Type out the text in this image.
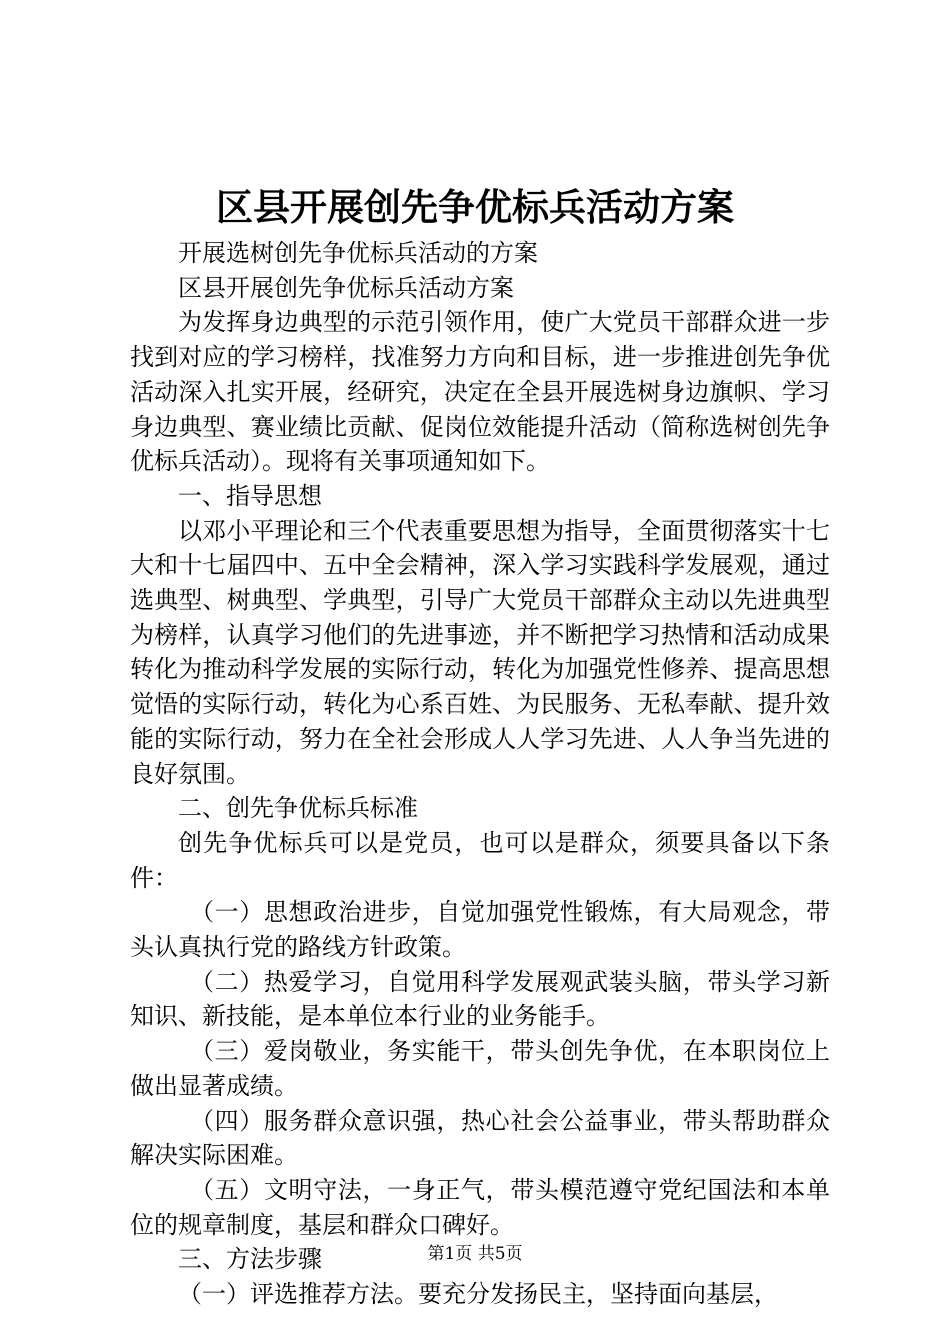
区县开展创先争优标兵活动方案

开展选树创先争优标兵活动的方案

区县开展创先争优标兵活动方案

为发挥身边典型的示范引领作用，使广大党员干部群众进一步找到对应的学习榜样，找准努力方向和目标，进一步推进创先争优活动深入扎实开展，经研究，决定在全县开展选树身边旗帜、学习身边典型、赛业绩比贡献、促岗位效能提升活动（简称选树创先争优标兵活动）。现将有关事项通知如下。

一、指导思想

以邓小平理论和三个代表重要思想为指导，全面贯彻落实十七大和十七届四中、五中全会精神，深入学习实践科学发展观，通过选典型、树典型、学典型，引导广大党员干部群众主动以先进典型为榜样，认真学习他们的先进事迹，并不断把学习热情和活动成果转化为推动科学发展的实际行动，转化为加强党性修养、提高思想觉悟的实际行动，转化为心系百姓、为民服务、无私奉献、提升效能的实际行动，努力在全社会形成人人学习先进、人人争当先进的良好氛围。

二、创先争优标兵标准

创先争优标兵可以是党员，也可以是群众，须要具备以下条件：

（一）思想政治进步，自觉加强党性锻炼，有大局观念，带头认真执行党的路线方针政策。

（二）热爱学习，自觉用科学发展观武装头脑，带头学习新知识、新技能，是本单位本行业的业务能手。

（三）爱岗敬业，务实能干，带头创先争优，在本职岗位上做出显著成绩。

（四）服务群众意识强，热心社会公益事业，带头帮助群众解决实际困难。

（五）文明守法，一身正气，带头模范遵守党纪国法和本单位的规章制度，基层和群众口碑好。

三、方法步骤

（一）评选推荐方法。要充分发扬民主，坚持面向基层，

第1页 共5页
